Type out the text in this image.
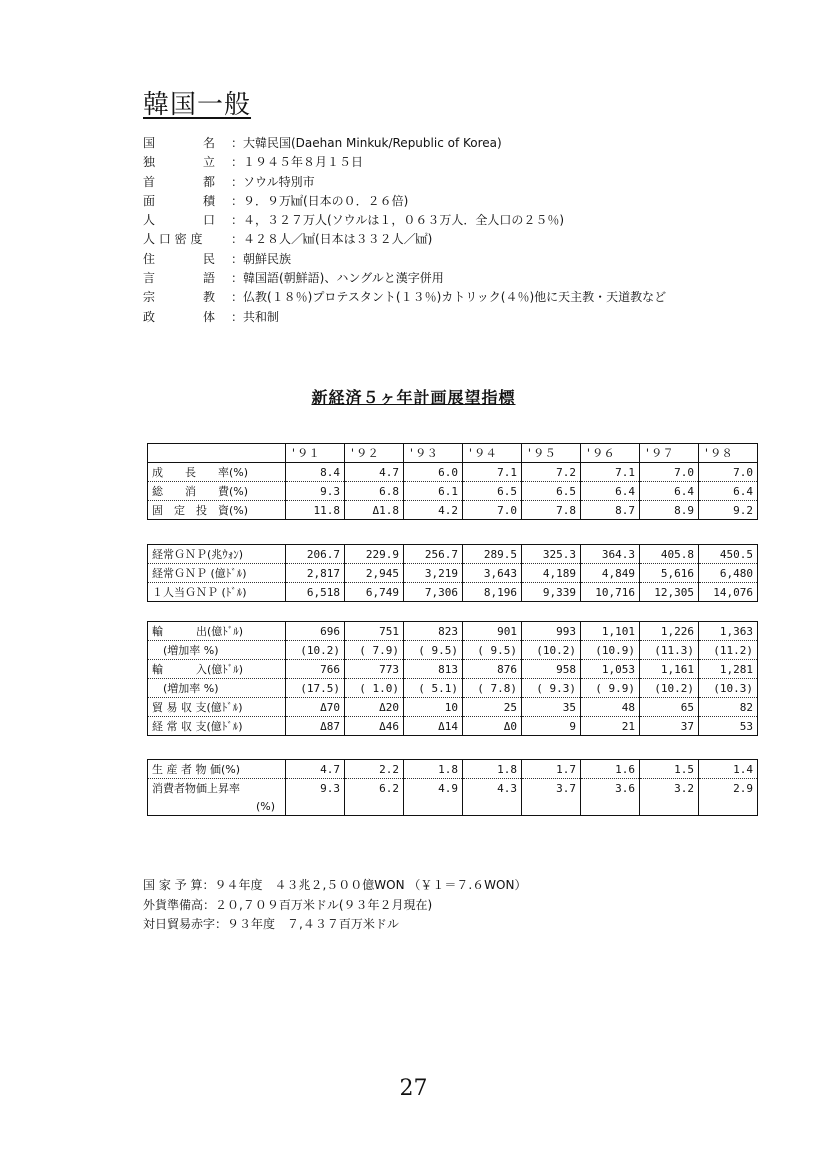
韓国一般
国　　　　名	：大韓民国(Daehan Minkuk/Republic of Korea)
独　　　　立	：１９４５年８月１５日
首　　　　都	：ソウル特別市
面　　　　積	：９．９万㎢(日本の０．２６倍)
人　　　　口	：４，３２７万人(ソウルは１，０６３万人．全人口の２５％)
人 口 密 度	：４２８人／㎢(日本は３３２人／㎢)
住　　　　民	：朝鮮民族
言　　　　語	：韓国語(朝鮮語)、ハングルと漢字併用
宗　　　　教	：仏教(１８％)プロテスタント(１３％)カトリック(４％)他に天主教・天道教など
政　　　　体	：共和制
新経済５ヶ年計画展望指標
	'９１	'９２	'９３	'９４	'９５	'９６	'９７	'９８
成　　長　　率(%)	8.4	4.7	6.0	7.1	7.2	7.1	7.0	7.0
総　　消　　費(%)	9.3	6.8	6.1	6.5	6.5	6.4	6.4	6.4
固　定　投　資(%)	11.8	Δ1.8	4.2	7.0	7.8	8.7	8.9	9.2
経常ＧＮＰ(兆ｳｫﾝ)	206.7	229.9	256.7	289.5	325.3	364.3	405.8	450.5
経常ＧＮＰ (億ﾄﾞﾙ)	2,817	2,945	3,219	3,643	4,189	4,849	5,616	6,480
１人当ＧＮＰ (ﾄﾞﾙ)	6,518	6,749	7,306	8,196	9,339	10,716	12,305	14,076
輸　　　出(億ﾄﾞﾙ)	696	751	823	901	993	1,101	1,226	1,363
　(増加率 %)	(10.2)	( 7.9)	( 9.5)	( 9.5)	(10.2)	(10.9)	(11.3)	(11.2)
輸　　　入(億ﾄﾞﾙ)	766	773	813	876	958	1,053	1,161	1,281
　(増加率 %)	(17.5)	( 1.0)	( 5.1)	( 7.8)	( 9.3)	( 9.9)	(10.2)	(10.3)
貿 易 収 支(億ﾄﾞﾙ)	Δ70	Δ20	10	25	35	48	65	82
経 常 収 支(億ﾄﾞﾙ)	Δ87	Δ46	Δ14	Δ0	9	21	37	53
生 産 者 物 価(%)	4.7	2.2	1.8	1.8	1.7	1.6	1.5	1.4
消費者物価上昇率	9.3	6.2	4.9	4.3	3.7	3.6	3.2	2.9
(%)								
国 家 予 算：９４年度　４３兆２,５００億WON （￥１＝７.６WON）
外貨準備高：２０,７０９百万米ドル(９３年２月現在)
対日貿易赤字：９３年度　７,４３７百万米ドル
27
